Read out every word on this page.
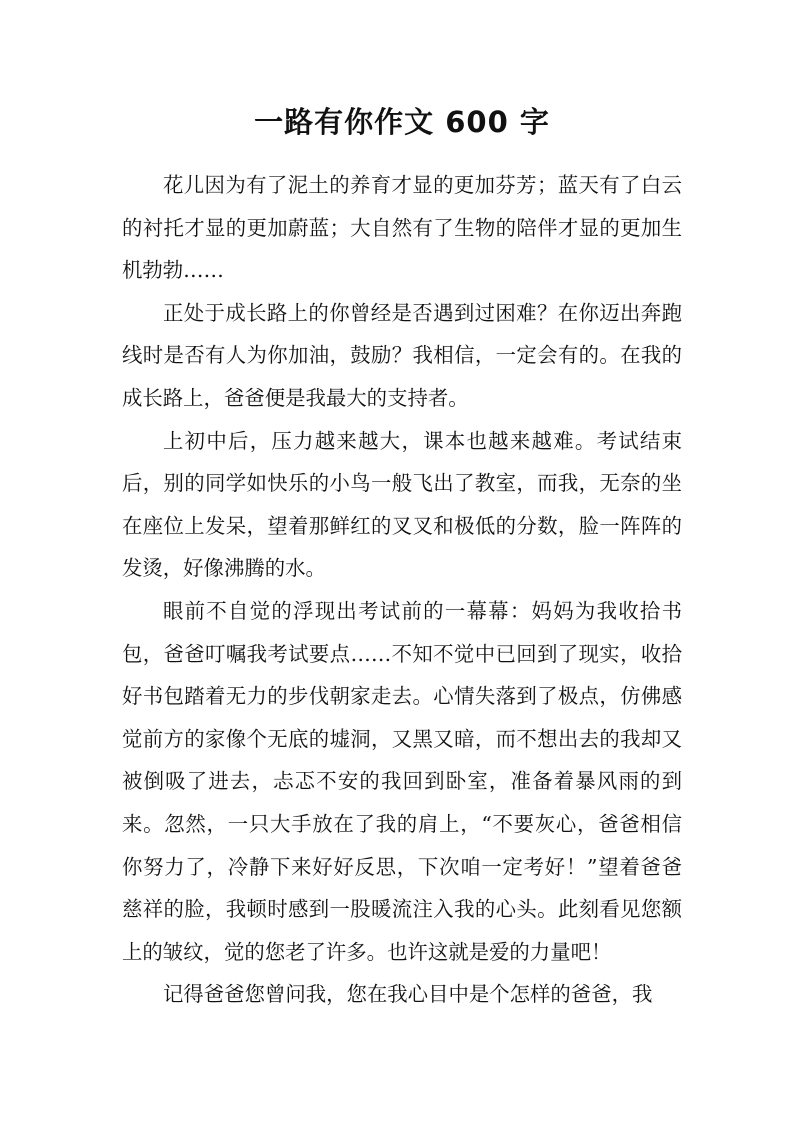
一路有你作文 600 字

花儿因为有了泥土的养育才显的更加芬芳；蓝天有了白云的衬托才显的更加蔚蓝；大自然有了生物的陪伴才显的更加生机勃勃……

正处于成长路上的你曾经是否遇到过困难？在你迈出奔跑线时是否有人为你加油，鼓励？我相信，一定会有的。在我的成长路上，爸爸便是我最大的支持者。

上初中后，压力越来越大，课本也越来越难。考试结束后，别的同学如快乐的小鸟一般飞出了教室，而我，无奈的坐在座位上发呆，望着那鲜红的叉叉和极低的分数，脸一阵阵的发烫，好像沸腾的水。

眼前不自觉的浮现出考试前的一幕幕：妈妈为我收拾书包，爸爸叮嘱我考试要点……不知不觉中已回到了现实，收拾好书包踏着无力的步伐朝家走去。心情失落到了极点，仿佛感觉前方的家像个无底的墟洞，又黑又暗，而不想出去的我却又被倒吸了进去，忐忑不安的我回到卧室，准备着暴风雨的到来。忽然，一只大手放在了我的肩上，“不要灰心，爸爸相信你努力了，冷静下来好好反思，下次咱一定考好！”望着爸爸慈祥的脸，我顿时感到一股暖流注入我的心头。此刻看见您额上的皱纹，觉的您老了许多。也许这就是爱的力量吧！

记得爸爸您曾问我，您在我心目中是个怎样的爸爸，我
